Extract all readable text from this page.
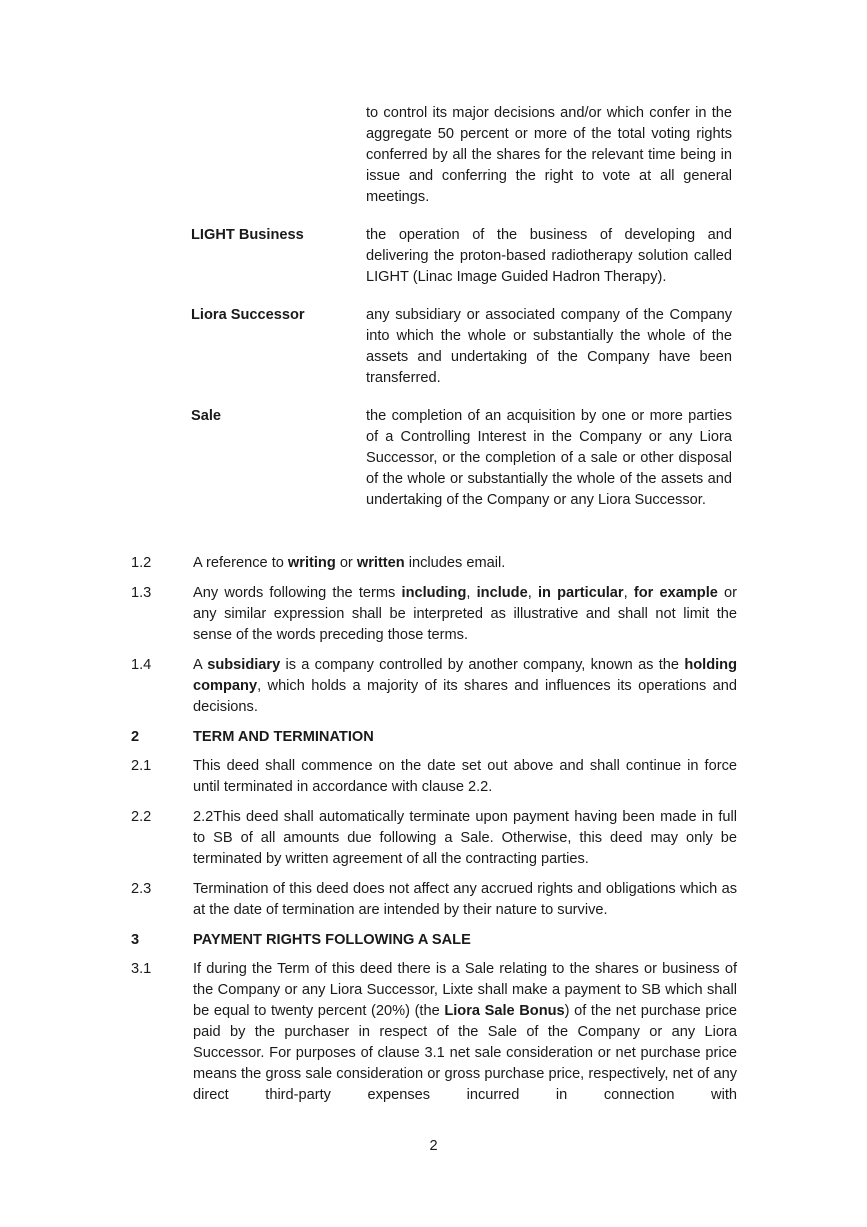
to control its major decisions and/or which confer in the aggregate 50 percent or more of the total voting rights conferred by all the shares for the relevant time being in issue and conferring the right to vote at all general meetings.
LIGHT Business	the operation of the business of developing and delivering the proton-based radiotherapy solution called LIGHT (Linac Image Guided Hadron Therapy).
Liora Successor	any subsidiary or associated company of the Company into which the whole or substantially the whole of the assets and undertaking of the Company have been transferred.
Sale	the completion of an acquisition by one or more parties of a Controlling Interest in the Company or any Liora Successor, or the completion of a sale or other disposal of the whole or substantially the whole of the assets and undertaking of the Company or any Liora Successor.
1.2	A reference to writing or written includes email.
1.3	Any words following the terms including, include, in particular, for example or any similar expression shall be interpreted as illustrative and shall not limit the sense of the words preceding those terms.
1.4	A subsidiary is a company controlled by another company, known as the holding company, which holds a majority of its shares and influences its operations and decisions.
2	TERM AND TERMINATION
2.1	This deed shall commence on the date set out above and shall continue in force until terminated in accordance with clause 2.2.
2.2	2.2This deed shall automatically terminate upon payment having been made in full to SB of all amounts due following a Sale. Otherwise, this deed may only be terminated by written agreement of all the contracting parties.
2.3	Termination of this deed does not affect any accrued rights and obligations which as at the date of termination are intended by their nature to survive.
3	PAYMENT RIGHTS FOLLOWING A SALE
3.1	If during the Term of this deed there is a Sale relating to the shares or business of the Company or any Liora Successor, Lixte shall make a payment to SB which shall be equal to twenty percent (20%) (the Liora Sale Bonus) of the net purchase price paid by the purchaser in respect of the Sale of the Company or any Liora Successor. For purposes of clause 3.1 net sale consideration or net purchase price means the gross sale consideration or gross purchase price, respectively, net of any direct third-party expenses incurred in connection with
2
